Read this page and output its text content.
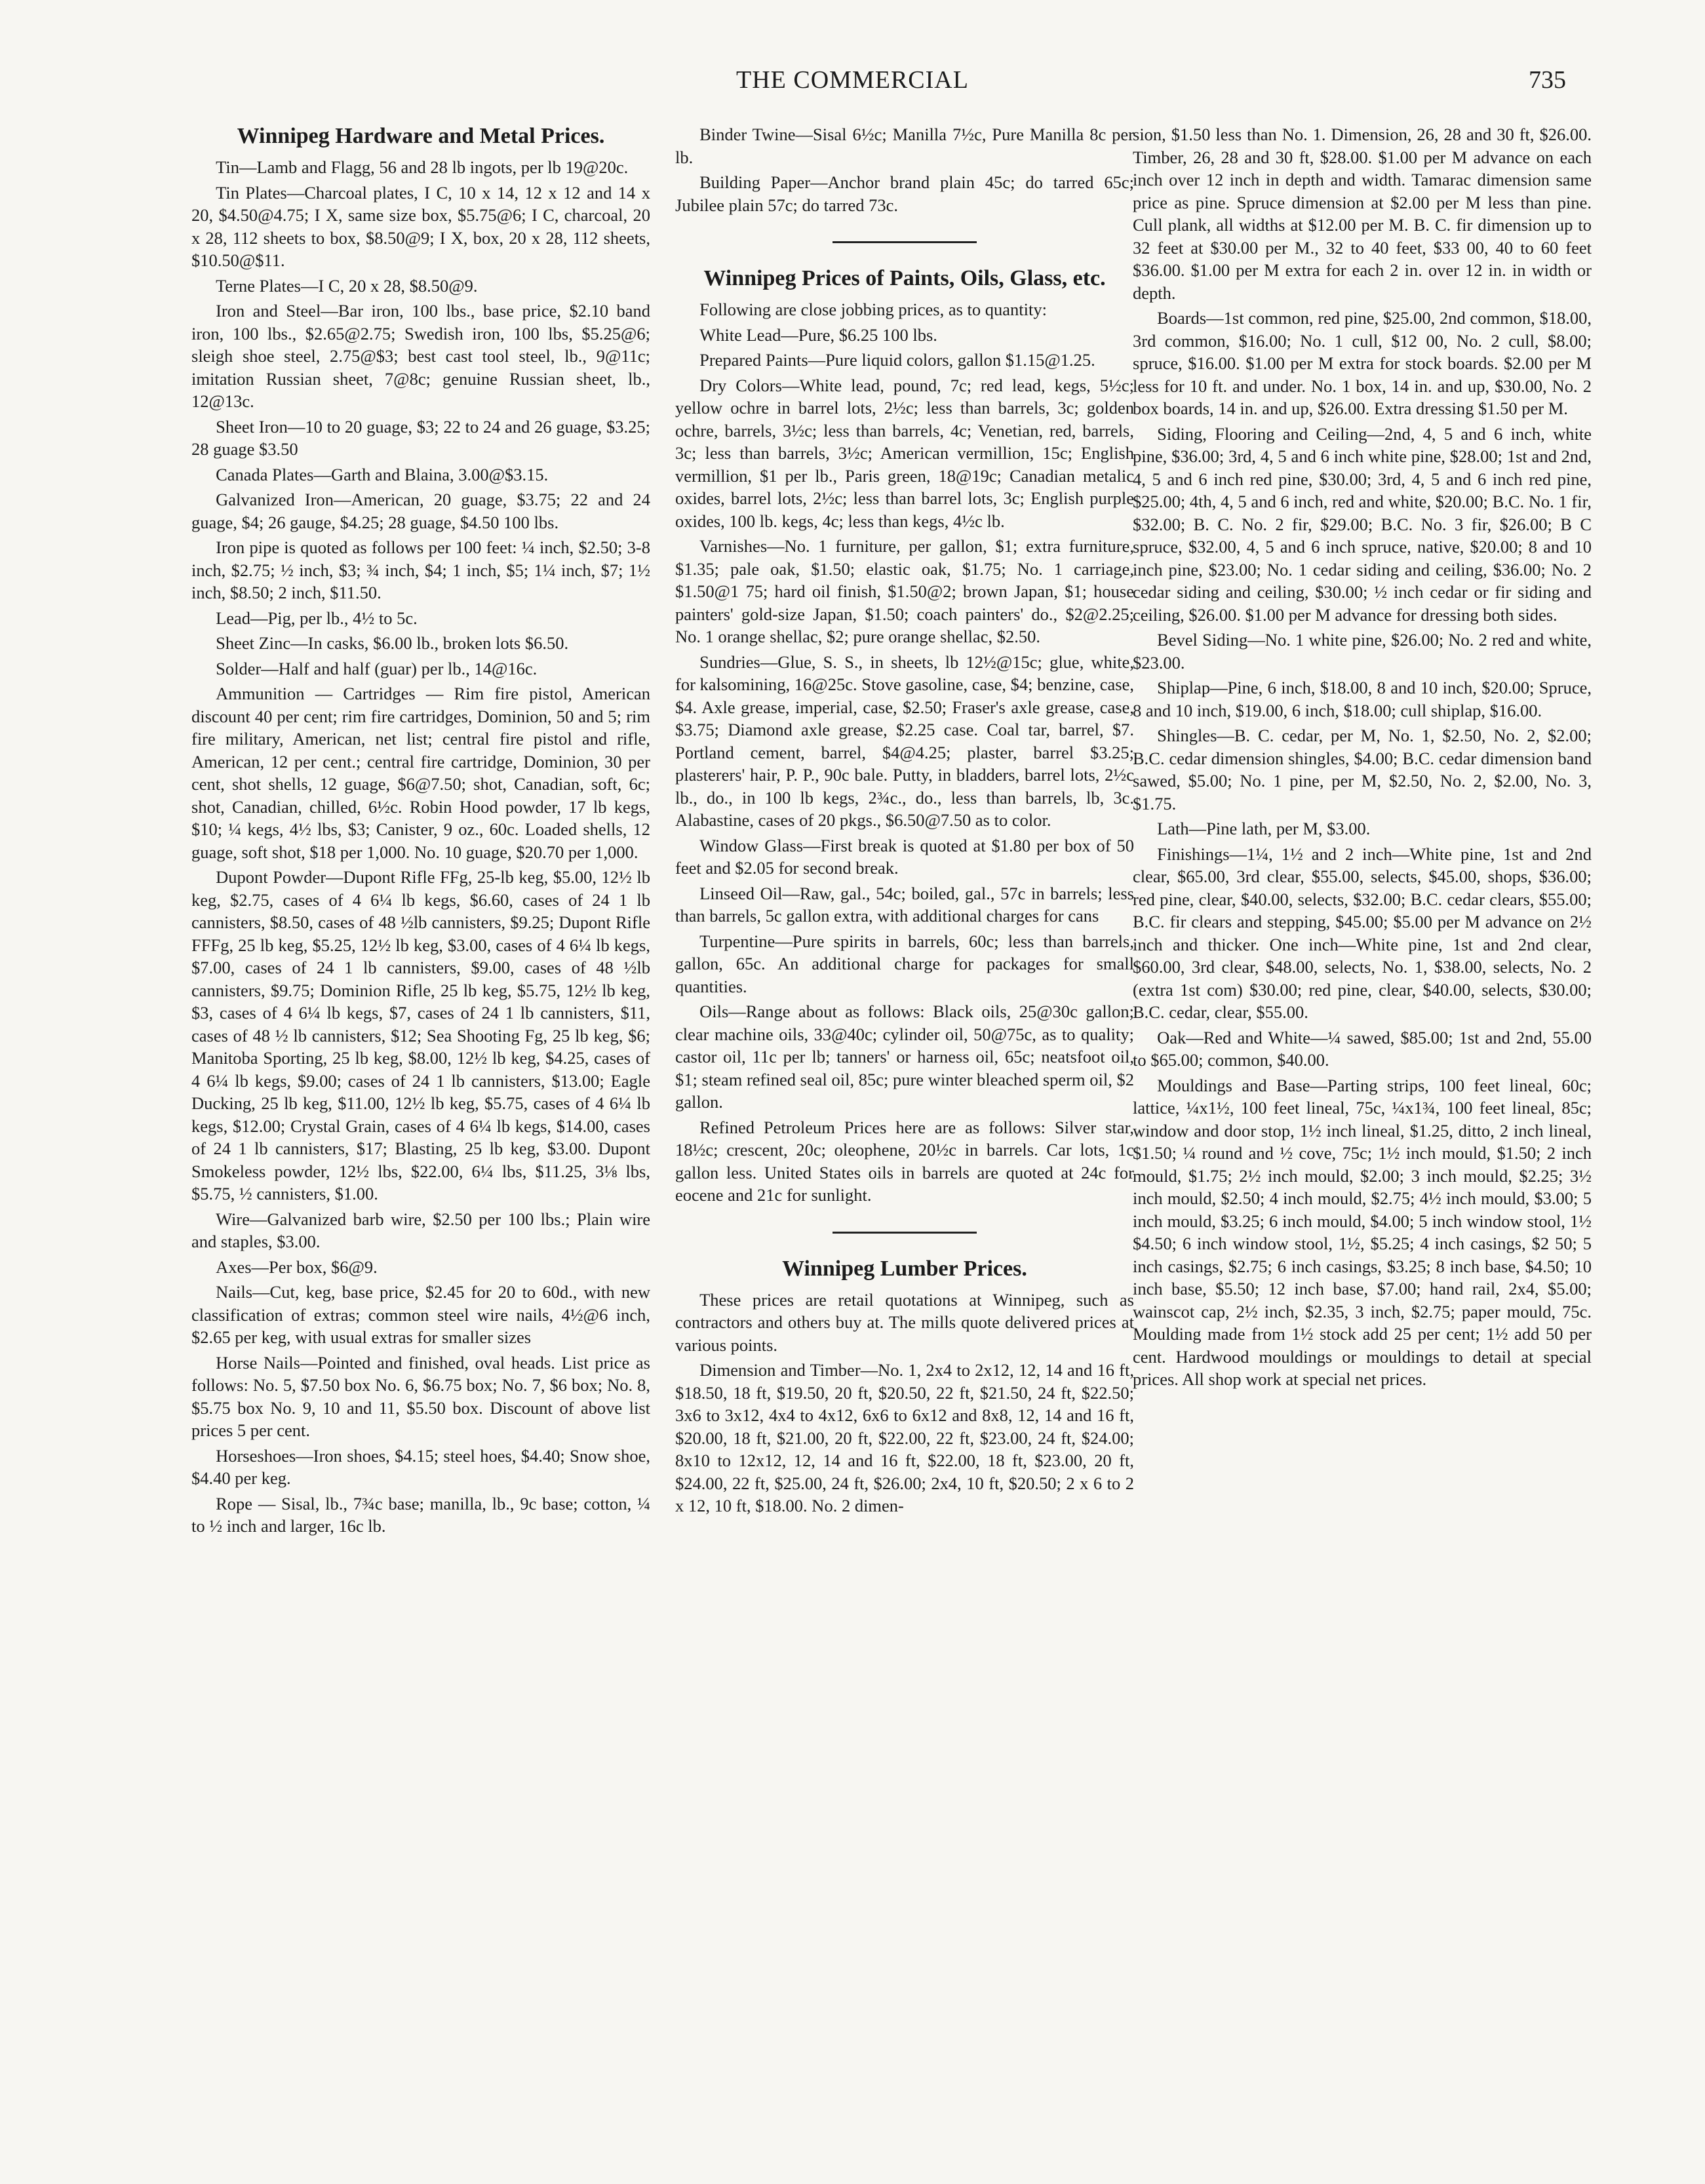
THE COMMERCIAL	735
Winnipeg Hardware and Metal Prices.

Tin—Lamb and Flagg, 56 and 28 lb ingots, per lb 19@20c.

Tin Plates—Charcoal plates, I C, 10 x 14, 12 x 12 and 14 x 20, $4.50@4.75; I X, same size box, $5.75@6; I C, charcoal, 20 x 28, 112 sheets to box, $8.50@9; I X, box, 20 x 28, 112 sheets, $10.50@$11.

Terne Plates—I C, 20 x 28, $8.50@9.

Iron and Steel—Bar iron, 100 lbs., base price, $2.10 band iron, 100 lbs., $2.65@2.75; Swedish iron, 100 lbs, $5.25@6; sleigh shoe steel, 2.75@$3; best cast tool steel, lb., 9@11c; imitation Russian sheet, 7@8c; genuine Russian sheet, lb., 12@13c.

Sheet Iron—10 to 20 guage, $3; 22 to 24 and 26 guage, $3.25; 28 guage $3.50

Canada Plates—Garth and Blaina, 3.00@$3.15.

Galvanized Iron—American, 20 guage, $3.75; 22 and 24 guage, $4; 26 gauge, $4.25; 28 guage, $4.50 100 lbs.

Iron pipe is quoted as follows per 100 feet: ¼ inch, $2.50; 3-8 inch, $2.75; ½ inch, $3; ¾ inch, $4; 1 inch, $5; 1¼ inch, $7; 1½ inch, $8.50; 2 inch, $11.50.

Lead—Pig, per lb., 4½ to 5c.

Sheet Zinc—In casks, $6.00 lb., broken lots $6.50.

Solder—Half and half (guar) per lb., 14@16c.

Ammunition — Cartridges — Rim fire pistol, American discount 40 per cent; rim fire cartridges, Dominion, 50 and 5; rim fire military, American, net list; central fire pistol and rifle, American, 12 per cent.; central fire cartridge, Dominion, 30 per cent, shot shells, 12 guage, $6@7.50; shot, Canadian, soft, 6c; shot, Canadian, chilled, 6½c. Robin Hood powder, 17 lb kegs, $10; ¼ kegs, 4½ lbs, $3; Canister, 9 oz., 60c. Loaded shells, 12 guage, soft shot, $18 per 1,000. No. 10 guage, $20.70 per 1,000.

Dupont Powder—Dupont Rifle FFg, 25-lb keg, $5.00, 12½ lb keg, $2.75, cases of 4 6¼ lb kegs, $6.60, cases of 24 1 lb cannisters, $8.50, cases of 48 ½lb cannisters, $9.25; Dupont Rifle FFFg, 25 lb keg, $5.25, 12½ lb keg, $3.00, cases of 4 6¼ lb kegs, $7.00, cases of 24 1 lb cannisters, $9.00, cases of 48 ½lb cannisters, $9.75; Dominion Rifle, 25 lb keg, $5.75, 12½ lb keg, $3, cases of 4 6¼ lb kegs, $7, cases of 24 1 lb cannisters, $11, cases of 48 ½ lb cannisters, $12; Sea Shooting Fg, 25 lb keg, $6; Manitoba Sporting, 25 lb keg, $8.00, 12½ lb keg, $4.25, cases of 4 6¼ lb kegs, $9.00; cases of 24 1 lb cannisters, $13.00; Eagle Ducking, 25 lb keg, $11.00, 12½ lb keg, $5.75, cases of 4 6¼ lb kegs, $12.00; Crystal Grain, cases of 4 6¼ lb kegs, $14.00, cases of 24 1 lb cannisters, $17; Blasting, 25 lb keg, $3.00. Dupont Smokeless powder, 12½ lbs, $22.00, 6¼ lbs, $11.25, 3⅛ lbs, $5.75, ½ cannisters, $1.00.

Wire—Galvanized barb wire, $2.50 per 100 lbs.; Plain wire and staples, $3.00.

Axes—Per box, $6@9.

Nails—Cut, keg, base price, $2.45 for 20 to 60d., with new classification of extras; common steel wire nails, 4½@6 inch, $2.65 per keg, with usual extras for smaller sizes

Horse Nails—Pointed and finished, oval heads. List price as follows: No. 5, $7.50 box No. 6, $6.75 box; No. 7, $6 box; No. 8, $5.75 box No. 9, 10 and 11, $5.50 box. Discount of above list prices 5 per cent.

Horseshoes—Iron shoes, $4.15; steel hoes, $4.40; Snow shoe, $4.40 per keg.

Rope — Sisal, lb., 7¾c base; manilla, lb., 9c base; cotton, ¼ to ½ inch and larger, 16c lb.

Binder Twine—Sisal 6½c; Manilla 7½c, Pure Manilla 8c per lb.

Building Paper—Anchor brand plain 45c; do tarred 65c; Jubilee plain 57c; do tarred 73c.

Winnipeg Prices of Paints, Oils, Glass, etc.

Following are close jobbing prices, as to quantity:

White Lead—Pure, $6.25 100 lbs.

Prepared Paints—Pure liquid colors, gallon $1.15@1.25.

Dry Colors—White lead, pound, 7c; red lead, kegs, 5½c; yellow ochre in barrel lots, 2½c; less than barrels, 3c; golden ochre, barrels, 3½c; less than barrels, 4c; Venetian, red, barrels, 3c; less than barrels, 3½c; American vermillion, 15c; English vermillion, $1 per lb., Paris green, 18@19c; Canadian metalic oxides, barrel lots, 2½c; less than barrel lots, 3c; English purple oxides, 100 lb. kegs, 4c; less than kegs, 4½c lb.

Varnishes—No. 1 furniture, per gallon, $1; extra furniture, $1.35; pale oak, $1.50; elastic oak, $1.75; No. 1 carriage, $1.50@1 75; hard oil finish, $1.50@2; brown Japan, $1; house painters' gold-size Japan, $1.50; coach painters' do., $2@2.25; No. 1 orange shellac, $2; pure orange shellac, $2.50.

Sundries—Glue, S. S., in sheets, lb 12½@15c; glue, white, for kalsomining, 16@25c. Stove gasoline, case, $4; benzine, case, $4. Axle grease, imperial, case, $2.50; Fraser's axle grease, case, $3.75; Diamond axle grease, $2.25 case. Coal tar, barrel, $7. Portland cement, barrel, $4@4.25; plaster, barrel $3.25; plasterers' hair, P. P., 90c bale. Putty, in bladders, barrel lots, 2½c lb., do., in 100 lb kegs, 2¾c., do., less than barrels, lb, 3c. Alabastine, cases of 20 pkgs., $6.50@7.50 as to color.

Window Glass—First break is quoted at $1.80 per box of 50 feet and $2.05 for second break.

Linseed Oil—Raw, gal., 54c; boiled, gal., 57c in barrels; less than barrels, 5c gallon extra, with additional charges for cans

Turpentine—Pure spirits in barrels, 60c; less than barrels, gallon, 65c. An additional charge for packages for small quantities.

Oils—Range about as follows: Black oils, 25@30c gallon; clear machine oils, 33@40c; cylinder oil, 50@75c, as to quality; castor oil, 11c per lb; tanners' or harness oil, 65c; neatsfoot oil, $1; steam refined seal oil, 85c; pure winter bleached sperm oil, $2 gallon.

Refined Petroleum Prices here are as follows: Silver star, 18½c; crescent, 20c; oleophene, 20½c in barrels. Car lots, 1c gallon less. United States oils in barrels are quoted at 24c for eocene and 21c for sunlight.

Winnipeg Lumber Prices.

These prices are retail quotations at Winnipeg, such as contractors and others buy at. The mills quote delivered prices at various points.

Dimension and Timber—No. 1, 2x4 to 2x12, 12, 14 and 16 ft, $18.50, 18 ft, $19.50, 20 ft, $20.50, 22 ft, $21.50, 24 ft, $22.50; 3x6 to 3x12, 4x4 to 4x12, 6x6 to 6x12 and 8x8, 12, 14 and 16 ft, $20.00, 18 ft, $21.00, 20 ft, $22.00, 22 ft, $23.00, 24 ft, $24.00; 8x10 to 12x12, 12, 14 and 16 ft, $22.00, 18 ft, $23.00, 20 ft, $24.00, 22 ft, $25.00, 24 ft, $26.00; 2x4, 10 ft, $20.50; 2 x 6 to 2 x 12, 10 ft, $18.00. No. 2 dimen-

sion, $1.50 less than No. 1. Dimension, 26, 28 and 30 ft, $26.00. Timber, 26, 28 and 30 ft, $28.00. $1.00 per M advance on each inch over 12 inch in depth and width. Tamarac dimension same price as pine. Spruce dimension at $2.00 per M less than pine. Cull plank, all widths at $12.00 per M. B. C. fir dimension up to 32 feet at $30.00 per M., 32 to 40 feet, $33 00, 40 to 60 feet $36.00. $1.00 per M extra for each 2 in. over 12 in. in width or depth.

Boards—1st common, red pine, $25.00, 2nd common, $18.00, 3rd common, $16.00; No. 1 cull, $12 00, No. 2 cull, $8.00; spruce, $16.00. $1.00 per M extra for stock boards. $2.00 per M less for 10 ft. and under. No. 1 box, 14 in. and up, $30.00, No. 2 box boards, 14 in. and up, $26.00. Extra dressing $1.50 per M.

Siding, Flooring and Ceiling—2nd, 4, 5 and 6 inch, white pine, $36.00; 3rd, 4, 5 and 6 inch white pine, $28.00; 1st and 2nd, 4, 5 and 6 inch red pine, $30.00; 3rd, 4, 5 and 6 inch red pine, $25.00; 4th, 4, 5 and 6 inch, red and white, $20.00; B.C. No. 1 fir, $32.00; B. C. No. 2 fir, $29.00; B.C. No. 3 fir, $26.00; B C spruce, $32.00, 4, 5 and 6 inch spruce, native, $20.00; 8 and 10 inch pine, $23.00; No. 1 cedar siding and ceiling, $36.00; No. 2 cedar siding and ceiling, $30.00; ½ inch cedar or fir siding and ceiling, $26.00. $1.00 per M advance for dressing both sides.

Bevel Siding—No. 1 white pine, $26.00; No. 2 red and white, $23.00.

Shiplap—Pine, 6 inch, $18.00, 8 and 10 inch, $20.00; Spruce, 8 and 10 inch, $19.00, 6 inch, $18.00; cull shiplap, $16.00.

Shingles—B. C. cedar, per M, No. 1, $2.50, No. 2, $2.00; B.C. cedar dimension shingles, $4.00; B.C. cedar dimension band sawed, $5.00; No. 1 pine, per M, $2.50, No. 2, $2.00, No. 3, $1.75.

Lath—Pine lath, per M, $3.00.

Finishings—1¼, 1½ and 2 inch—White pine, 1st and 2nd clear, $65.00, 3rd clear, $55.00, selects, $45.00, shops, $36.00; red pine, clear, $40.00, selects, $32.00; B.C. cedar clears, $55.00; B.C. fir clears and stepping, $45.00; $5.00 per M advance on 2½ inch and thicker. One inch—White pine, 1st and 2nd clear, $60.00, 3rd clear, $48.00, selects, No. 1, $38.00, selects, No. 2 (extra 1st com) $30.00; red pine, clear, $40.00, selects, $30.00; B.C. cedar, clear, $55.00.

Oak—Red and White—¼ sawed, $85.00; 1st and 2nd, 55.00 to $65.00; common, $40.00.

Mouldings and Base—Parting strips, 100 feet lineal, 60c; lattice, ¼x1½, 100 feet lineal, 75c, ¼x1¾, 100 feet lineal, 85c; window and door stop, 1½ inch lineal, $1.25, ditto, 2 inch lineal, $1.50; ¼ round and ½ cove, 75c; 1½ inch mould, $1.50; 2 inch mould, $1.75; 2½ inch mould, $2.00; 3 inch mould, $2.25; 3½ inch mould, $2.50; 4 inch mould, $2.75; 4½ inch mould, $3.00; 5 inch mould, $3.25; 6 inch mould, $4.00; 5 inch window stool, 1½ $4.50; 6 inch window stool, 1½, $5.25; 4 inch casings, $2 50; 5 inch casings, $2.75; 6 inch casings, $3.25; 8 inch base, $4.50; 10 inch base, $5.50; 12 inch base, $7.00; hand rail, 2x4, $5.00; wainscot cap, 2½ inch, $2.35, 3 inch, $2.75; paper mould, 75c. Moulding made from 1½ stock add 25 per cent; 1½ add 50 per cent. Hardwood mouldings or mouldings to detail at special prices. All shop work at special net prices.
